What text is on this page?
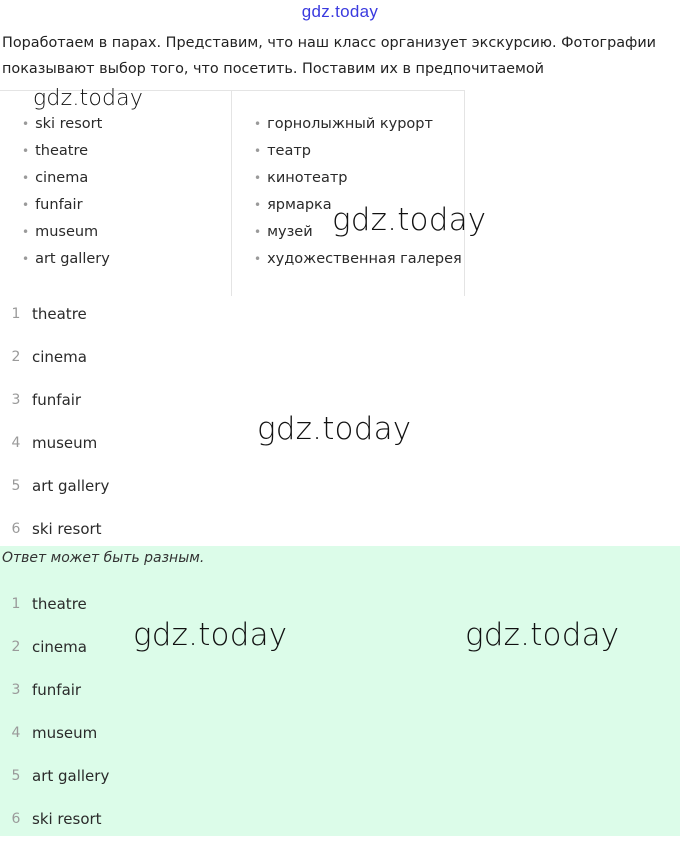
gdz.today

Поработаем в парах. Представим, что наш класс организует экскурсию. Фотографии показывают выбор того, что посетить. Поставим их в предпочитаемой

• ski resort
• theatre
• cinema
• funfair
• museum
• art gallery
• горнолыжный курорт
• театр
• кинотеатр
• ярмарка
• музей
• художественная галерея
1 theatre
2 cinema
3 funfair
4 museum
5 art gallery
6 ski resort

Ответ может быть разным.

1 theatre
2 cinema
3 funfair
4 museum
5 art gallery
6 ski resort
gdz.today
gdz.today
gdz.today
gdz.today	gdz.today
